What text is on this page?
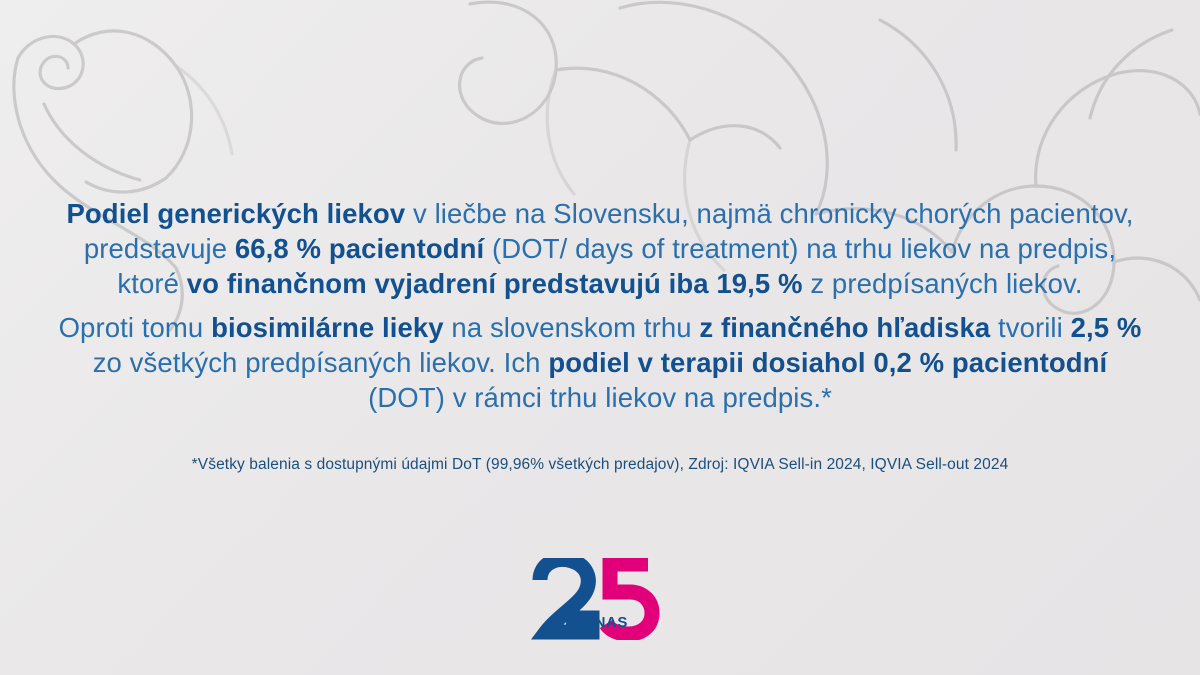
Podiel generických liekov v liečbe na Slovensku, najmä chronicky chorých pacientov, predstavuje 66,8 % pacientodní (DOT/ days of treatment) na trhu liekov na predpis, ktoré vo finančnom vyjadrení predstavujú iba 19,5 % z predpísaných liekov.

Oproti tomu biosimilárne lieky na slovenskom trhu z finančného hľadiska tvorili 2,5 % zo všetkých predpísaných liekov. Ich podiel v terapii dosiahol 0,2 % pacientodní (DOT) v rámci trhu liekov na predpis.*

*Všetky balenia s dostupnými údajmi DoT (99,96% všetkých predajov), Zdroj: IQVIA Sell-in 2024, IQVIA Sell-out 2024
GENAS
